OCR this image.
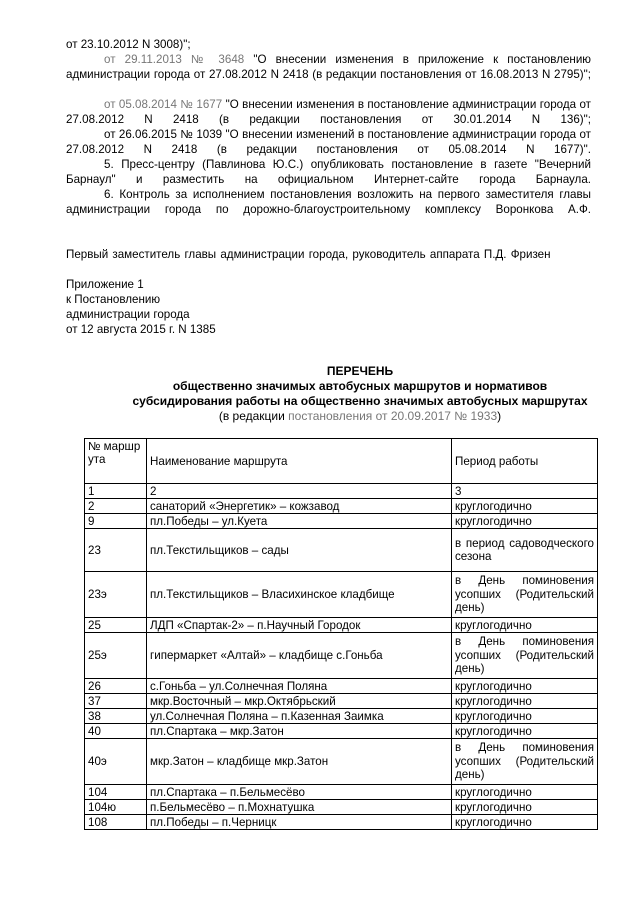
от 23.10.2012 N 3008)";

от 29.11.2013 № 3648 "О внесении изменения в приложение к постановлению администрации города от 27.08.2012 N 2418 (в редакции постановления от 16.08.2013 N 2795)";

от 05.08.2014 № 1677 "О внесении изменения в постановление администрации города от 27.08.2012 N 2418 (в редакции постановления от 30.01.2014 N 136)";

от 26.06.2015 № 1039 "О внесении изменений в постановление администрации города от 27.08.2012 N 2418 (в редакции постановления от 05.08.2014 N 1677)".

5. Пресс-центру (Павлинова Ю.С.) опубликовать постановление в газете "Вечерний Барнаул" и разместить на официальном Интернет-сайте города Барнаула.

6. Контроль за исполнением постановления возложить на первого заместителя главы администрации города по дорожно-благоустроительному комплексу Воронкова А.Ф.

Первый заместитель главы администрации города, руководитель аппарата П.Д. Фризен

Приложение 1

к Постановлению

администрации города

от 12 августа 2015 г. N 1385

ПЕРЕЧЕНЬ

общественно значимых автобусных маршрутов и нормативов

субсидирования работы на общественно значимых автобусных маршрутах

(в редакции постановления от 20.09.2017 № 1933)

№ маршрута	Наименование маршрута	Период работы
1	2	3
2	санаторий «Энергетик» – кожзавод	круглогодично
9	пл.Победы – ул.Куета	круглогодично
23	пл.Текстильщиков – сады	в период садоводческого сезона
23э	пл.Текстильщиков – Власихинское кладбище	в День поминовения усопших (Родительский день)
25	ЛДП «Спартак-2» – п.Научный Городок	круглогодично
25э	гипермаркет «Алтай» – кладбище с.Гоньба	в День поминовения усопших (Родительский день)
26	с.Гоньба – ул.Солнечная Поляна	круглогодично
37	мкр.Восточный – мкр.Октябрьский	круглогодично
38	ул.Солнечная Поляна – п.Казенная Заимка	круглогодично
40	пл.Спартака – мкр.Затон	круглогодично
40э	мкр.Затон – кладбище мкр.Затон	в День поминовения усопших (Родительский день)
104	пл.Спартака – п.Бельмесёво	круглогодично
104ю	п.Бельмесёво – п.Мохнатушка	круглогодично
108	пл.Победы – п.Черницк	круглогодично
